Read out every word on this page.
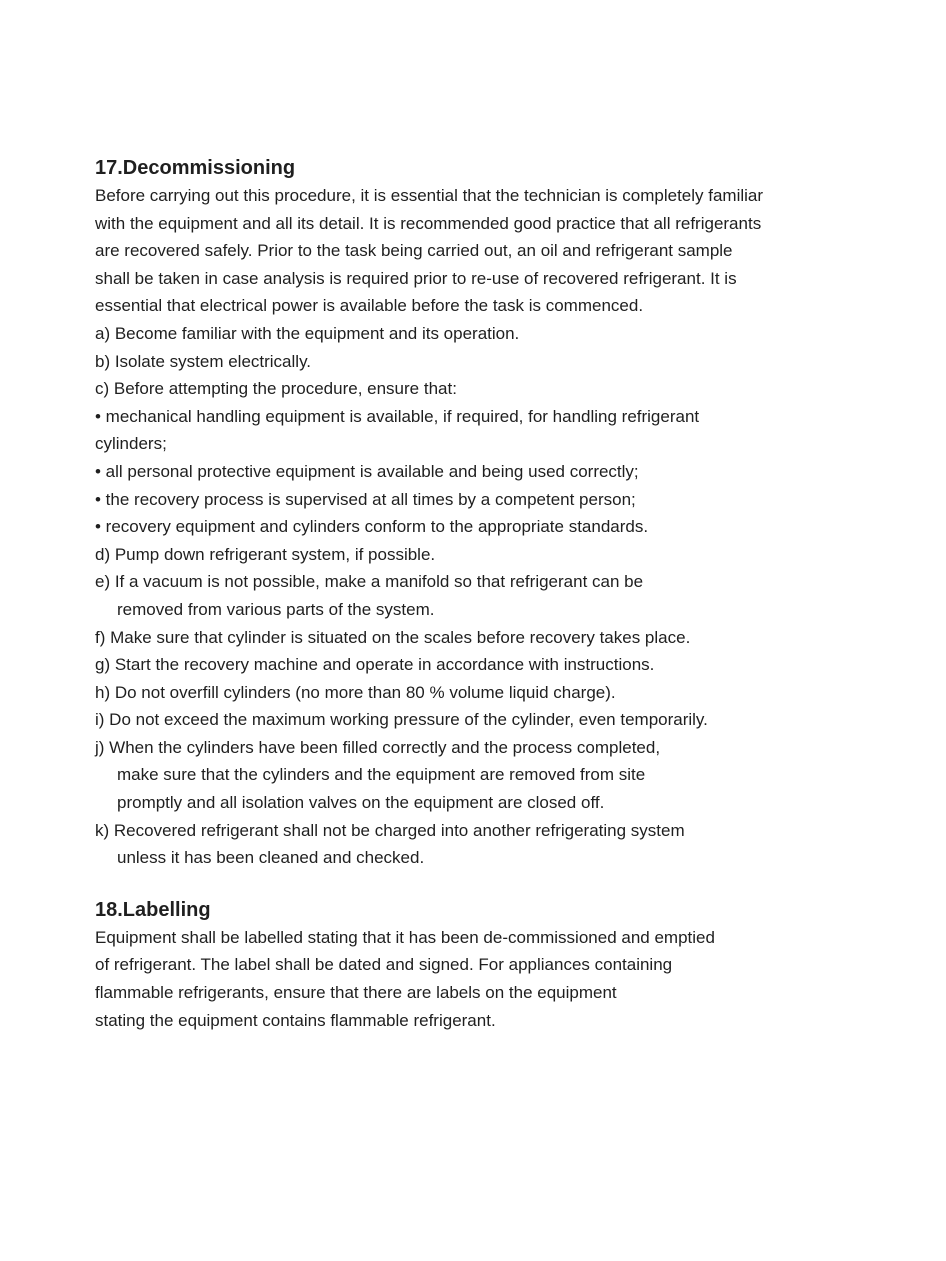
17.Decommissioning
Before carrying out this procedure, it is essential that the technician is completely familiar
with the equipment and all its detail. It is recommended good practice that all refrigerants
are recovered safely. Prior to the task being carried out, an oil and refrigerant sample
shall be taken in case analysis is required prior to re-use of recovered refrigerant. It is
essential that electrical power is available before the task is commenced.
a) Become familiar with the equipment and its operation.
b) Isolate system electrically.
c) Before attempting the procedure, ensure that:
• mechanical handling equipment is available, if required, for handling refrigerant
cylinders;
• all personal protective equipment is available and being used correctly;
• the recovery process is supervised at all times by a competent person;
• recovery equipment and cylinders conform to the appropriate standards.
d) Pump down refrigerant system, if possible.
e) If a vacuum is not possible, make a manifold so that refrigerant can be
removed from various parts of the system.
f) Make sure that cylinder is situated on the scales before recovery takes place.
g) Start the recovery machine and operate in accordance with instructions.
h) Do not overfill cylinders (no more than 80 % volume liquid charge).
i) Do not exceed the maximum working pressure of the cylinder, even temporarily.
j) When the cylinders have been filled correctly and the process completed,
make sure that the cylinders and the equipment are removed from site
promptly and all isolation valves on the equipment are closed off.
k) Recovered refrigerant shall not be charged into another refrigerating system
unless it has been cleaned and checked.
18.Labelling
Equipment shall be labelled stating that it has been de-commissioned and emptied
of refrigerant. The label shall be dated and signed. For appliances containing
flammable refrigerants, ensure that there are labels on the equipment
stating the equipment contains flammable refrigerant.
